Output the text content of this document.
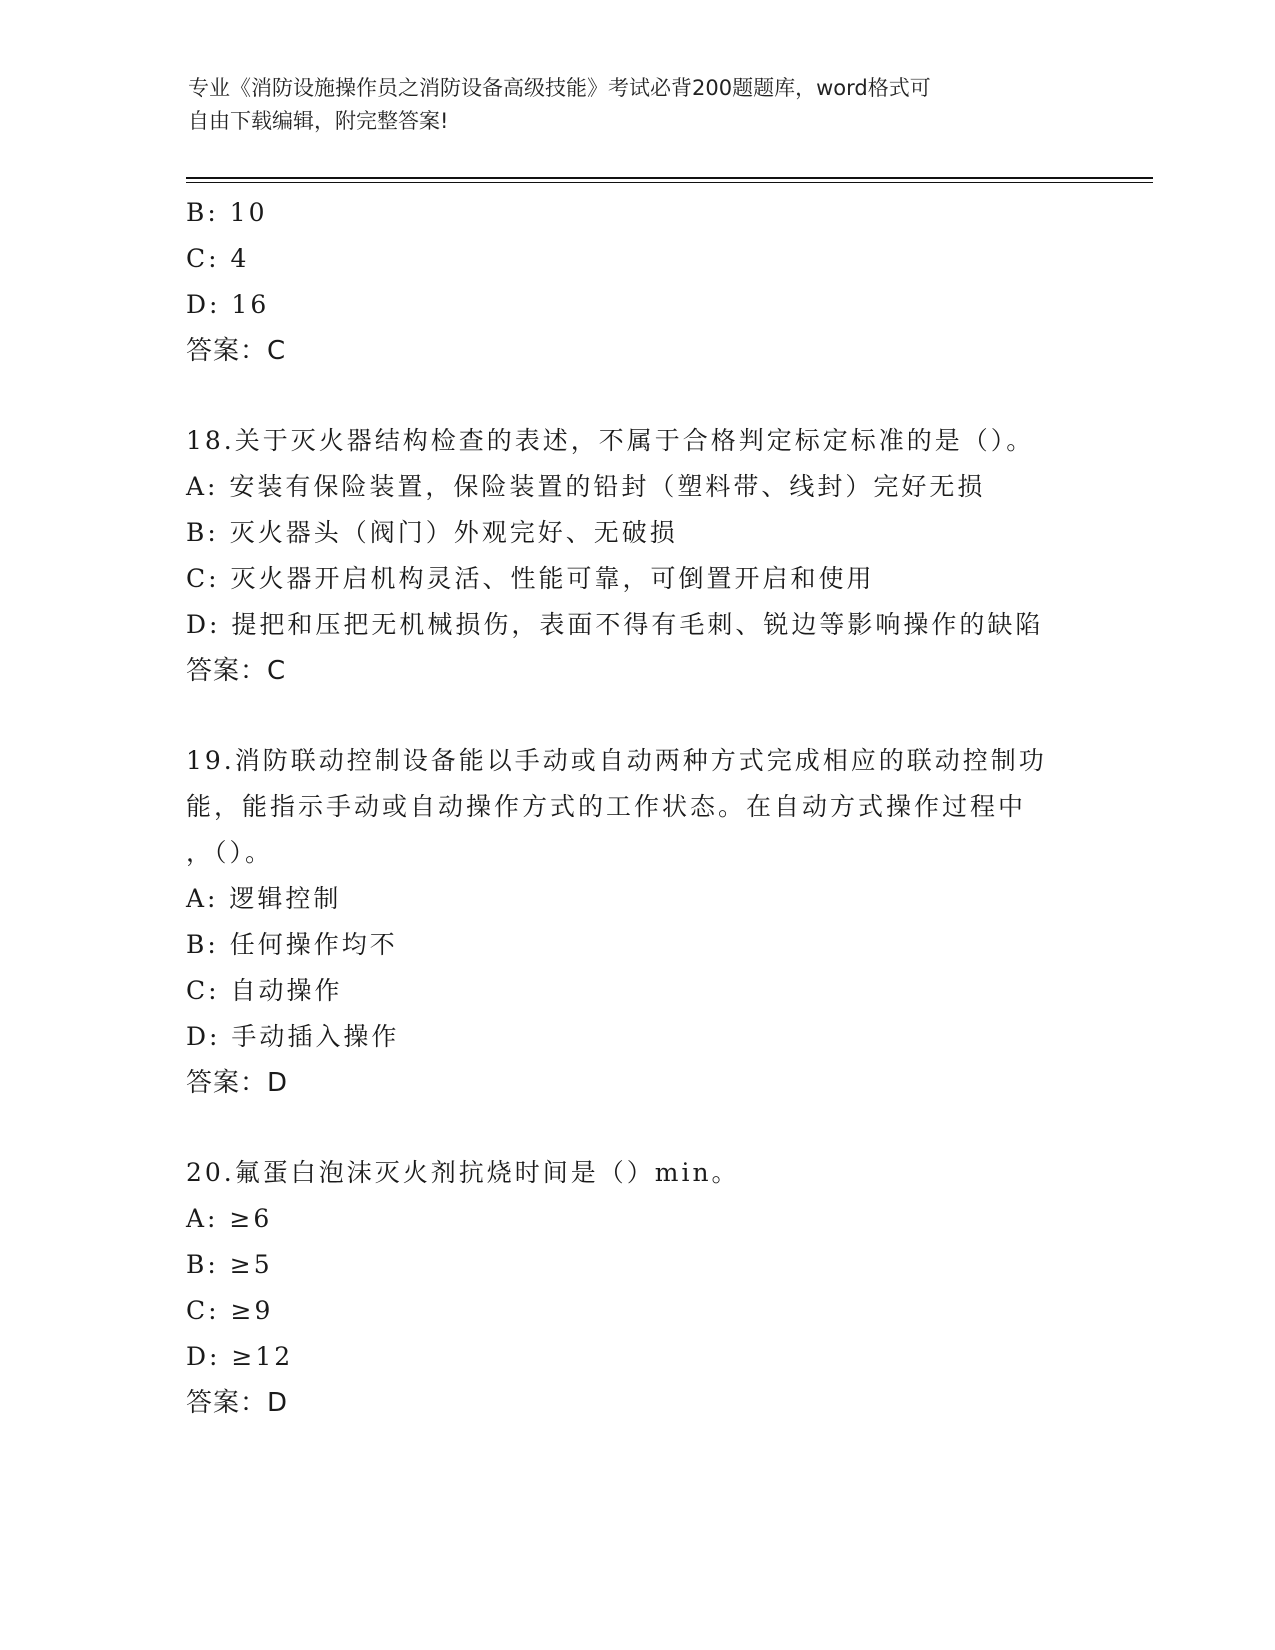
专业《消防设施操作员之消防设备高级技能》考试必背200题题库，word格式可
自由下载编辑，附完整答案!
B: 10
C: 4
D: 16
答案：C
18.关于灭火器结构检查的表述，不属于合格判定标定标准的是（）。
A: 安装有保险装置，保险装置的铅封（塑料带、线封）完好无损
B: 灭火器头（阀门）外观完好、无破损
C: 灭火器开启机构灵活、性能可靠，可倒置开启和使用
D: 提把和压把无机械损伤，表面不得有毛刺、锐边等影响操作的缺陷
答案：C
19.消防联动控制设备能以手动或自动两种方式完成相应的联动控制功
能，能指示手动或自动操作方式的工作状态。在自动方式操作过程中
，（）。
A: 逻辑控制
B: 任何操作均不
C: 自动操作
D: 手动插入操作
答案：D
20.氟蛋白泡沫灭火剂抗烧时间是（）min。
A: ≥6
B: ≥5
C: ≥9
D: ≥12
答案：D
